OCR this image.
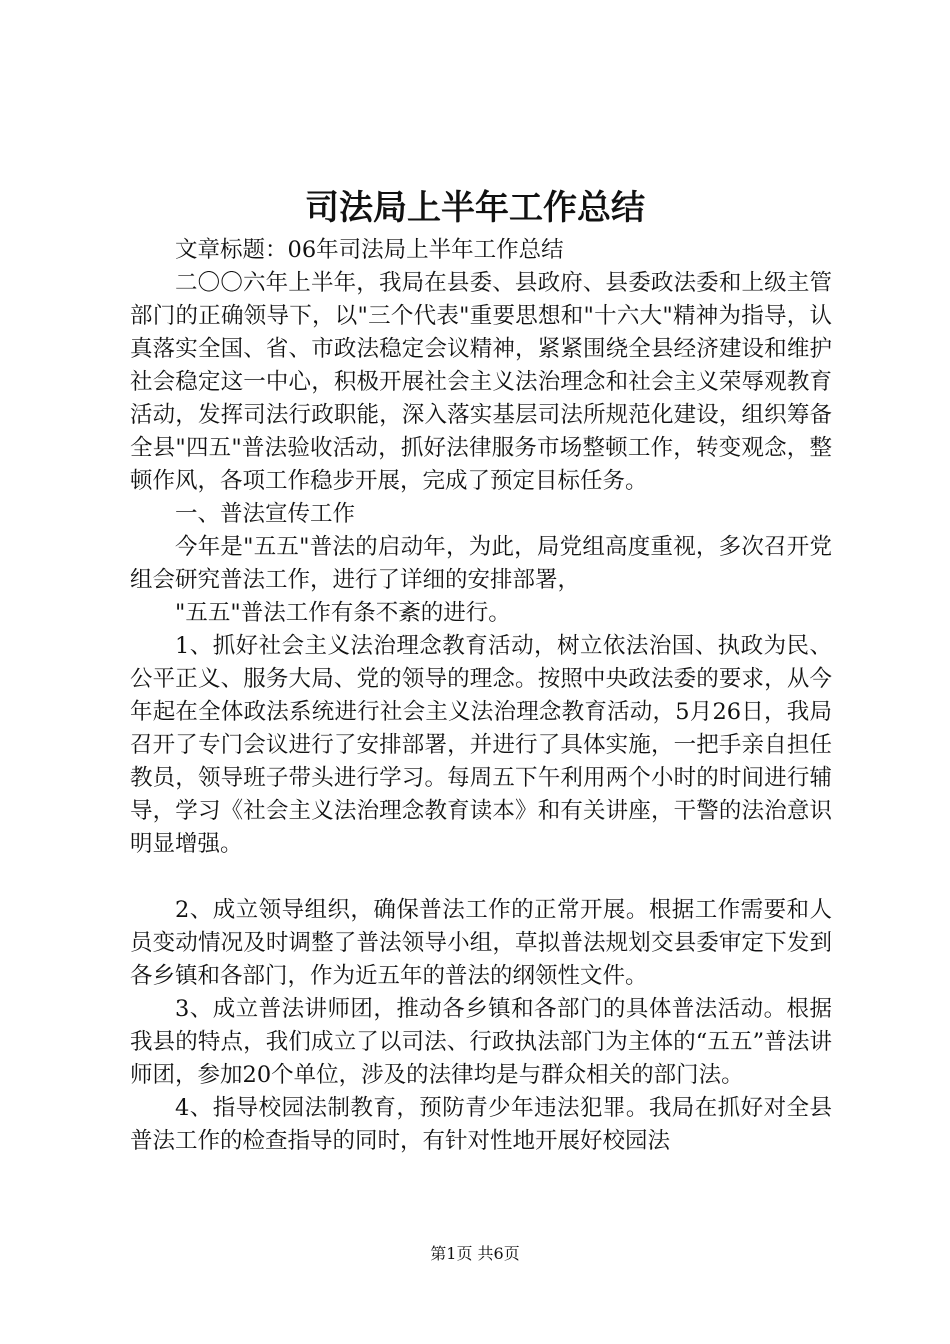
司法局上半年工作总结

文章标题：06年司法局上半年工作总结

二〇〇六年上半年，我局在县委、县政府、县委政法委和上级主管部门的正确领导下，以"三个代表"重要思想和"十六大"精神为指导，认真落实全国、省、市政法稳定会议精神，紧紧围绕全县经济建设和维护社会稳定这一中心，积极开展社会主义法治理念和社会主义荣辱观教育活动，发挥司法行政职能，深入落实基层司法所规范化建设，组织筹备全县"四五"普法验收活动，抓好法律服务市场整顿工作，转变观念，整顿作风，各项工作稳步开展，完成了预定目标任务。

一、普法宣传工作

今年是"五五"普法的启动年，为此，局党组高度重视，多次召开党组会研究普法工作，进行了详细的安排部署，

"五五"普法工作有条不紊的进行。

1、抓好社会主义法治理念教育活动，树立依法治国、执政为民、公平正义、服务大局、党的领导的理念。按照中央政法委的要求，从今年起在全体政法系统进行社会主义法治理念教育活动，5月26日，我局召开了专门会议进行了安排部署，并进行了具体实施，一把手亲自担任教员，领导班子带头进行学习。每周五下午利用两个小时的时间进行辅导，学习《社会主义法治理念教育读本》和有关讲座，干警的法治意识明显增强。

2、成立领导组织，确保普法工作的正常开展。根据工作需要和人员变动情况及时调整了普法领导小组，草拟普法规划交县委审定下发到各乡镇和各部门，作为近五年的普法的纲领性文件。

3、成立普法讲师团，推动各乡镇和各部门的具体普法活动。根据我县的特点，我们成立了以司法、行政执法部门为主体的“五五”普法讲师团，参加20个单位，涉及的法律均是与群众相关的部门法。

4、指导校园法制教育，预防青少年违法犯罪。我局在抓好对全县普法工作的检查指导的同时，有针对性地开展好校园法

第1页 共6页
